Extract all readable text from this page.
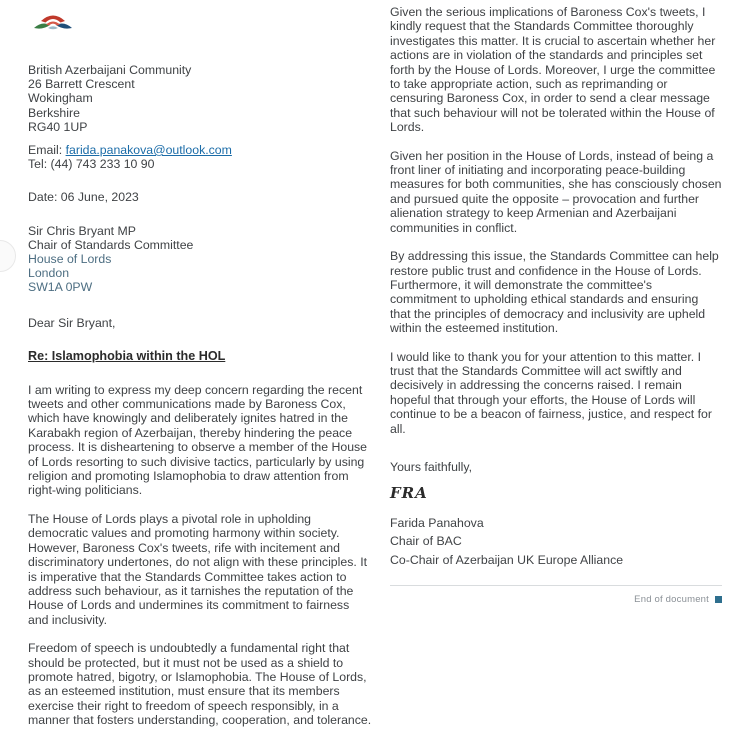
British Azerbaijani Community
26 Barrett Crescent
Wokingham
Berkshire
RG40 1UP
Email: farida.panakova@outlook.com
Tel: (44) 743 233 10 90
Date: 06 June, 2023
Sir Chris Bryant MP
Chair of Standards Committee
House of Lords
London
SW1A 0PW
Dear Sir Bryant,
Re: Islamophobia within the HOL

I am writing to express my deep concern regarding the recent tweets and other communications made by Baroness Cox, which have knowingly and deliberately ignites hatred in the Karabakh region of Azerbaijan, thereby hindering the peace process. It is disheartening to observe a member of the House of Lords resorting to such divisive tactics, particularly by using religion and promoting Islamophobia to draw attention from right-wing politicians.

The House of Lords plays a pivotal role in upholding democratic values and promoting harmony within society. However, Baroness Cox's tweets, rife with incitement and discriminatory undertones, do not align with these principles. It is imperative that the Standards Committee takes action to address such behaviour, as it tarnishes the reputation of the House of Lords and undermines its commitment to fairness and inclusivity.

Freedom of speech is undoubtedly a fundamental right that should be protected, but it must not be used as a shield to promote hatred, bigotry, or Islamophobia. The House of Lords, as an esteemed institution, must ensure that its members exercise their right to freedom of speech responsibly, in a manner that fosters understanding, cooperation, and tolerance.

Given the serious implications of Baroness Cox's tweets, I kindly request that the Standards Committee thoroughly investigates this matter. It is crucial to ascertain whether her actions are in violation of the standards and principles set forth by the House of Lords. Moreover, I urge the committee to take appropriate action, such as reprimanding or censuring Baroness Cox, in order to send a clear message that such behaviour will not be tolerated within the House of Lords.

Given her position in the House of Lords, instead of being a front liner of initiating and incorporating peace-building measures for both communities, she has consciously chosen and pursued quite the opposite – provocation and further alienation strategy to keep Armenian and Azerbaijani communities in conflict.

By addressing this issue, the Standards Committee can help restore public trust and confidence in the House of Lords. Furthermore, it will demonstrate the committee's commitment to upholding ethical standards and ensuring that the principles of democracy and inclusivity are upheld within the esteemed institution.

I would like to thank you for your attention to this matter. I trust that the Standards Committee will act swiftly and decisively in addressing the concerns raised. I remain hopeful that through your efforts, the House of Lords will continue to be a beacon of fairness, justice, and respect for all.

Yours faithfully,
FRA
Farida Panahova
Chair of BAC
Co-Chair of Azerbaijan UK Europe Alliance
End of document
